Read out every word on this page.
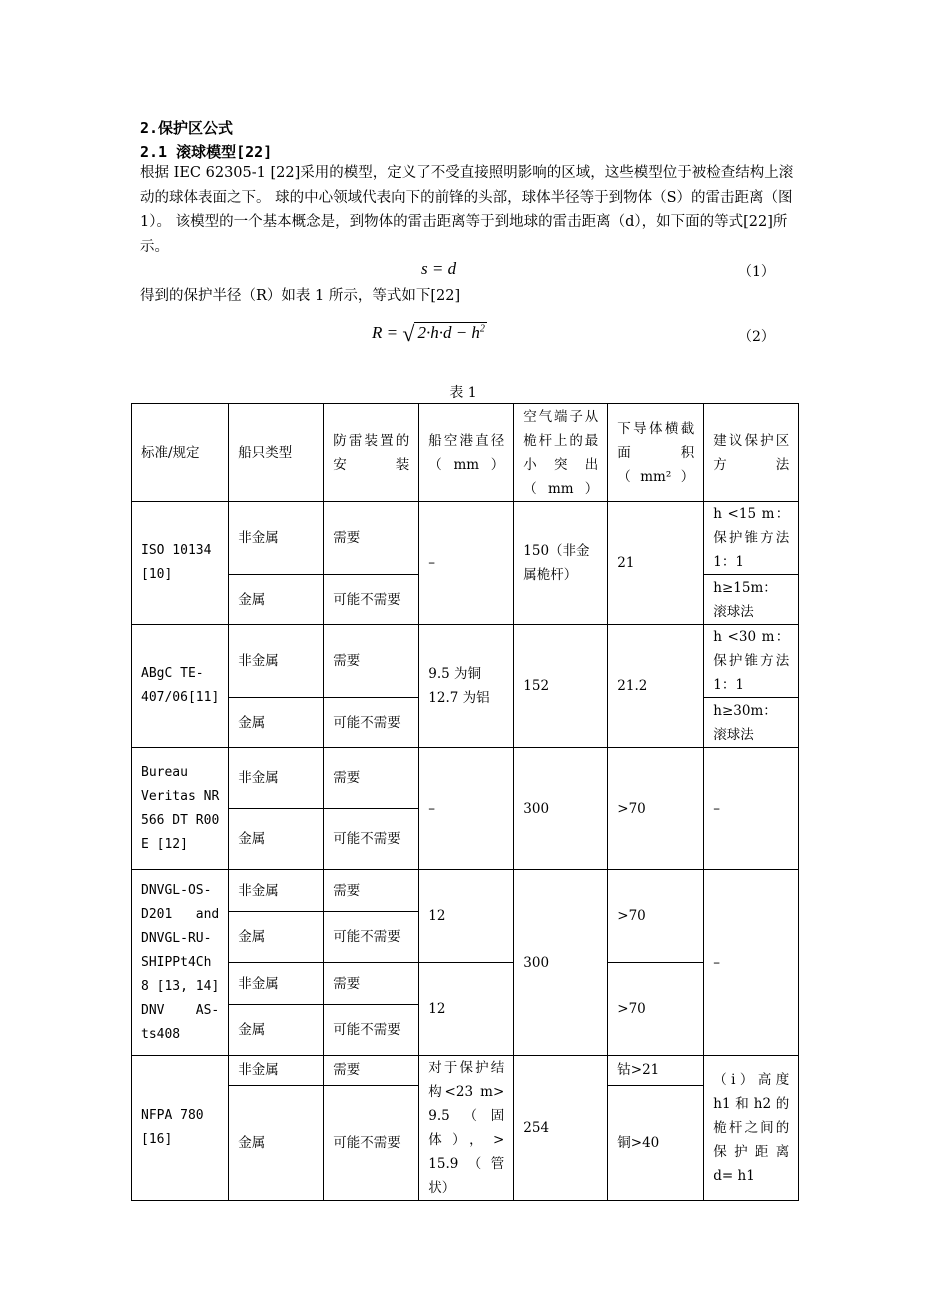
2.保护区公式
2.1 滚球模型[22]
根据 IEC 62305-1 [22]采用的模型，定义了不受直接照明影响的区域，这些模型位于被检查结构上滚动的球体表面之下。 球的中心领域代表向下的前锋的头部，球体半径等于到物体（S）的雷击距离（图 1）。 该模型的一个基本概念是，到物体的雷击距离等于到地球的雷击距离（d），如下面的等式[22]所示。
s = d	（1）
得到的保护半径（R）如表 1 所示，等式如下[22]
R = √ $2\cdot h\cdot d - h^2$
（2）
表 1
标准/规定	船只类型	防雷装置的安装	船空港直径（mm）	空气端子从桅杆上的最小突出（mm）	下导体横截面积（mm²）	建议保护区方法
ISO 10134 [10]	非金属	需要	–	150（非金属桅杆）	21	h <15 m：保护锥方法1：1
	金属	可能不需要				h≥15m：滚球法
ABgC TE-407/06[11]	非金属	需要	9.5 为铜 12.7 为铝	152	21.2	h <30 m：保护锥方法1：1
	金属	可能不需要				h≥30m：滚球法
Bureau Veritas NR 566 DT R00 E [12]	非金属	需要	–	300	>70	–
	金属	可能不需要				
DNVGL-OS-D201 and DNVGL-RU-SHIPPt4Ch 8 [13, 14] DNV AS-ts408	非金属	需要	12	300	>70	–
	金属	可能不需要				
	非金属	需要	12		>70	
	金属	可能不需要				
NFPA 780 [16]	非金属	需要	对于保护结构<23 m> 9.5（固体），> 15.9（管状）	254	钴>21	（i）高度 h1 和 h2 的桅杆之间的保护距离 d= h1
	金属	可能不需要			铜>40	
